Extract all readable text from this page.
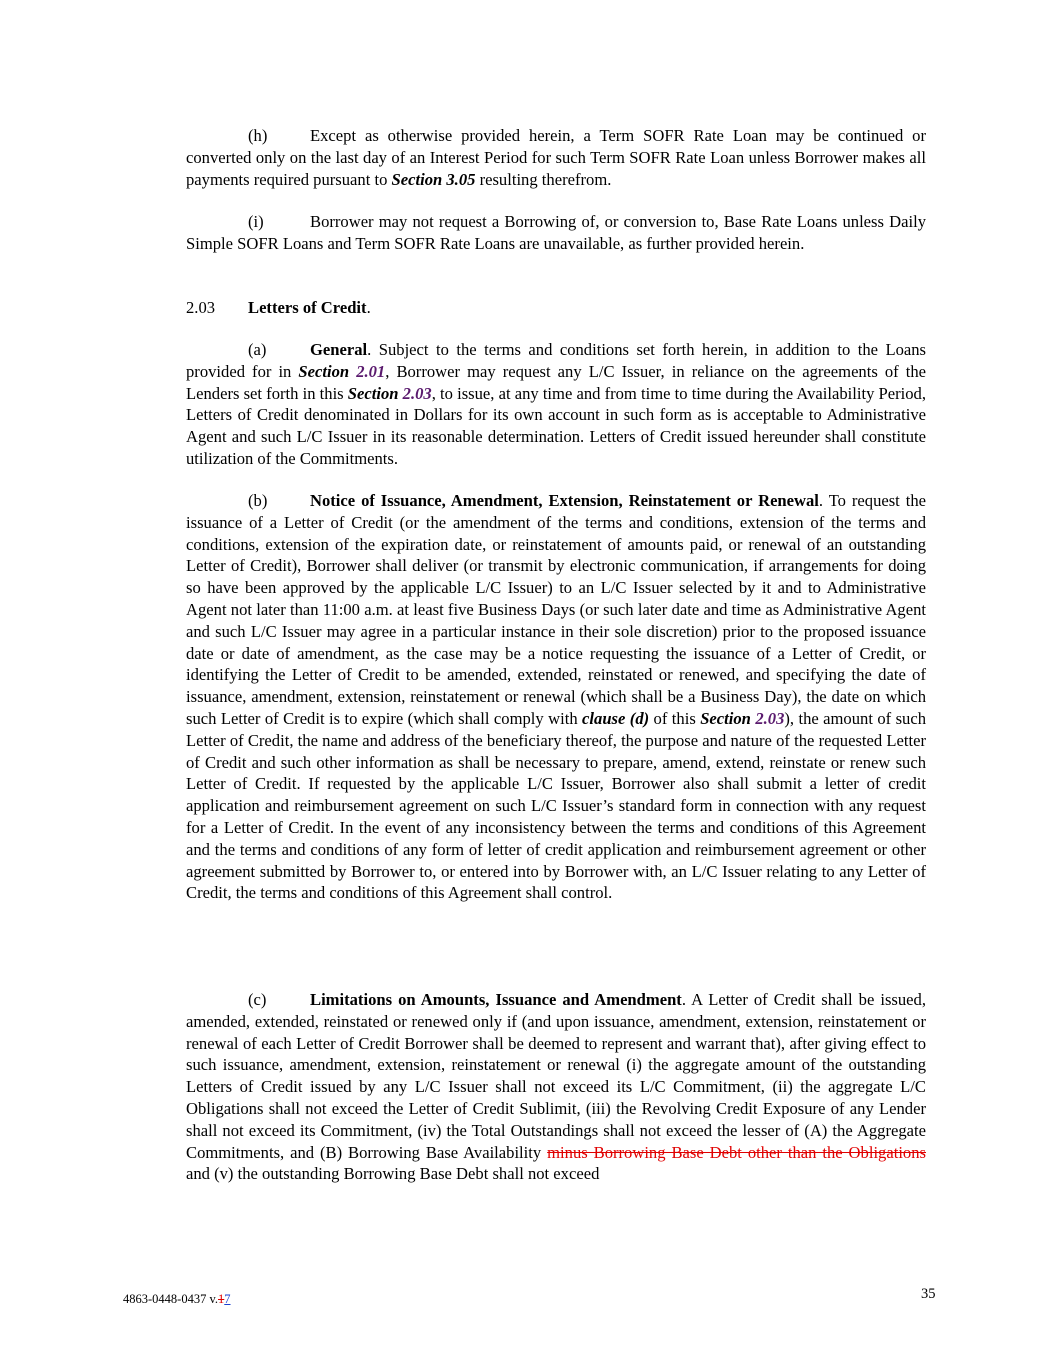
(h)	Except as otherwise provided herein, a Term SOFR Rate Loan may be continued or converted only on the last day of an Interest Period for such Term SOFR Rate Loan unless Borrower makes all payments required pursuant to Section 3.05 resulting therefrom.

(i)	Borrower may not request a Borrowing of, or conversion to, Base Rate Loans unless Daily Simple SOFR Loans and Term SOFR Rate Loans are unavailable, as further provided herein.

2.03 Letters of Credit.

(a)	General. Subject to the terms and conditions set forth herein, in addition to the Loans provided for in Section 2.01, Borrower may request any L/C Issuer, in reliance on the agreements of the Lenders set forth in this Section 2.03, to issue, at any time and from time to time during the Availability Period, Letters of Credit denominated in Dollars for its own account in such form as is acceptable to Administrative Agent and such L/C Issuer in its reasonable determination. Letters of Credit issued hereunder shall constitute utilization of the Commitments.

(b)	Notice of Issuance, Amendment, Extension, Reinstatement or Renewal. To request the issuance of a Letter of Credit (or the amendment of the terms and conditions, extension of the terms and conditions, extension of the expiration date, or reinstatement of amounts paid, or renewal of an outstanding Letter of Credit), Borrower shall deliver (or transmit by electronic communication, if arrangements for doing so have been approved by the applicable L/C Issuer) to an L/C Issuer selected by it and to Administrative Agent not later than 11:00 a.m. at least five Business Days (or such later date and time as Administrative Agent and such L/C Issuer may agree in a particular instance in their sole discretion) prior to the proposed issuance date or date of amendment, as the case may be a notice requesting the issuance of a Letter of Credit, or identifying the Letter of Credit to be amended, extended, reinstated or renewed, and specifying the date of issuance, amendment, extension, reinstatement or renewal (which shall be a Business Day), the date on which such Letter of Credit is to expire (which shall comply with clause (d) of this Section 2.03), the amount of such Letter of Credit, the name and address of the beneficiary thereof, the purpose and nature of the requested Letter of Credit and such other information as shall be necessary to prepare, amend, extend, reinstate or renew such Letter of Credit. If requested by the applicable L/C Issuer, Borrower also shall submit a letter of credit application and reimbursement agreement on such L/C Issuer’s standard form in connection with any request for a Letter of Credit. In the event of any inconsistency between the terms and conditions of this Agreement and the terms and conditions of any form of letter of credit application and reimbursement agreement or other agreement submitted by Borrower to, or entered into by Borrower with, an L/C Issuer relating to any Letter of Credit, the terms and conditions of this Agreement shall control.

(c)	Limitations on Amounts, Issuance and Amendment. A Letter of Credit shall be issued, amended, extended, reinstated or renewed only if (and upon issuance, amendment, extension, reinstatement or renewal of each Letter of Credit Borrower shall be deemed to represent and warrant that), after giving effect to such issuance, amendment, extension, reinstatement or renewal (i) the aggregate amount of the outstanding Letters of Credit issued by any L/C Issuer shall not exceed its L/C Commitment, (ii) the aggregate L/C Obligations shall not exceed the Letter of Credit Sublimit, (iii) the Revolving Credit Exposure of any Lender shall not exceed its Commitment, (iv) the Total Outstandings shall not exceed the lesser of (A) the Aggregate Commitments, and (B) Borrowing Base Availability minus Borrowing Base Debt other than the Obligations and (v) the outstanding Borrowing Base Debt shall not exceed

4863-0448-0437 v.17	35
